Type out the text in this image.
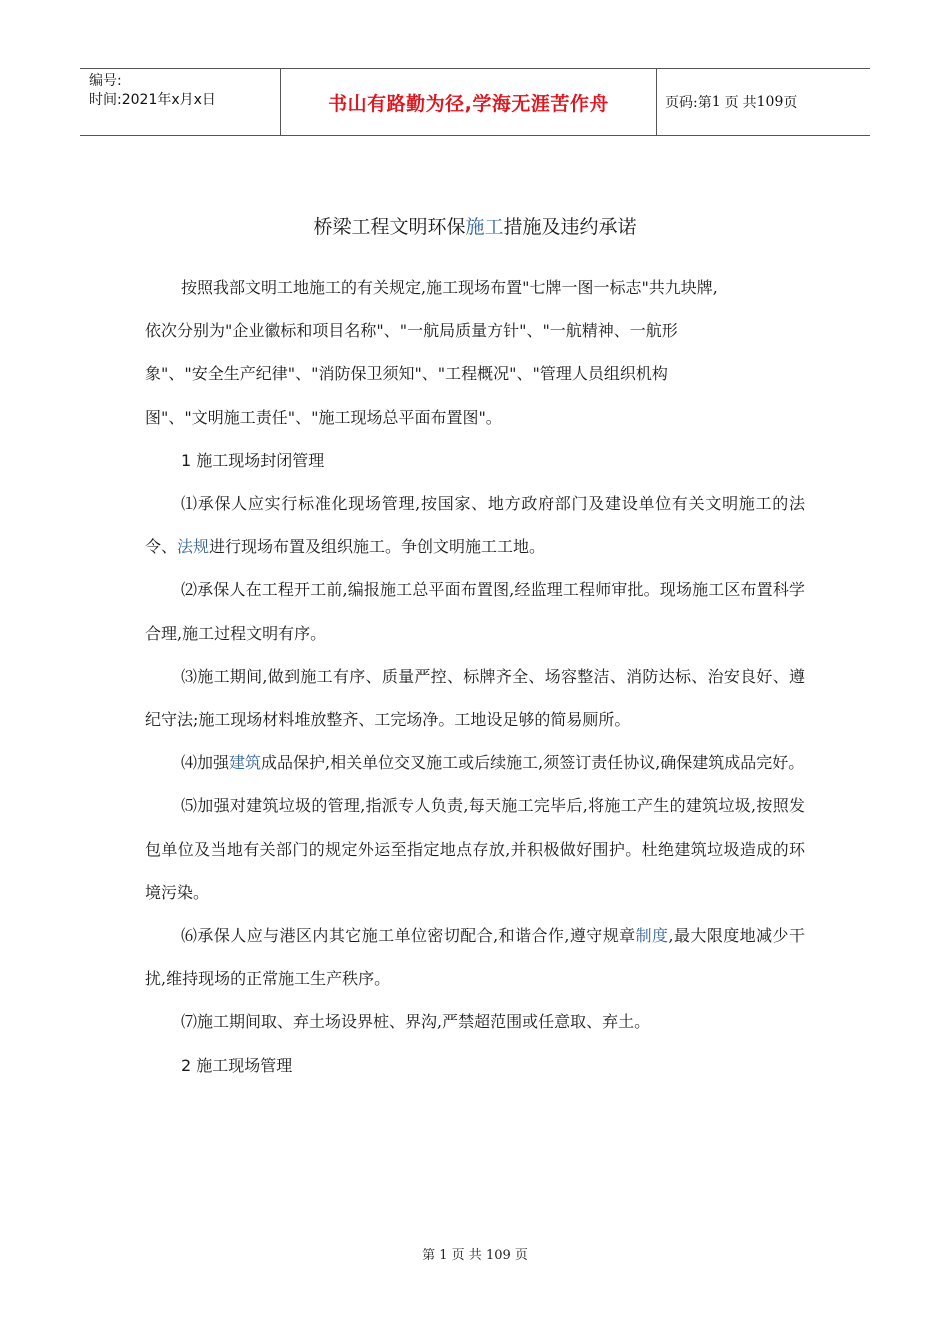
编号:
时间:2021年x月x日	书山有路勤为径,学海无涯苦作舟	页码:第 1 页 共 109 页
桥梁工程文明环保施工措施及违约承诺

按照我部文明工地施工的有关规定,施工现场布置"七牌一图一标志"共九块牌,

依次分别为"企业徽标和项目名称"、"一航局质量方针"、"一航精神、一航形

象"、"安全生产纪律"、"消防保卫须知"、"工程概况"、"管理人员组织机构

图"、"文明施工责任"、"施工现场总平面布置图"。

1 施工现场封闭管理

⑴承保人应实行标准化现场管理,按国家、地方政府部门及建设单位有关文明施工的法令、法规进行现场布置及组织施工。争创文明施工工地。

⑵承保人在工程开工前,编报施工总平面布置图,经监理工程师审批。现场施工区布置科学合理,施工过程文明有序。

⑶施工期间,做到施工有序、质量严控、标牌齐全、场容整洁、消防达标、治安良好、遵纪守法;施工现场材料堆放整齐、工完场净。工地设足够的简易厕所。

⑷加强建筑成品保护,相关单位交叉施工或后续施工,须签订责任协议,确保建筑成品完好。

⑸加强对建筑垃圾的管理,指派专人负责,每天施工完毕后,将施工产生的建筑垃圾,按照发包单位及当地有关部门的规定外运至指定地点存放,并积极做好围护。杜绝建筑垃圾造成的环境污染。

⑹承保人应与港区内其它施工单位密切配合,和谐合作,遵守规章制度,最大限度地减少干扰,维持现场的正常施工生产秩序。

⑺施工期间取、弃土场设界桩、界沟,严禁超范围或任意取、弃土。

2 施工现场管理

第 1 页 共 109 页
